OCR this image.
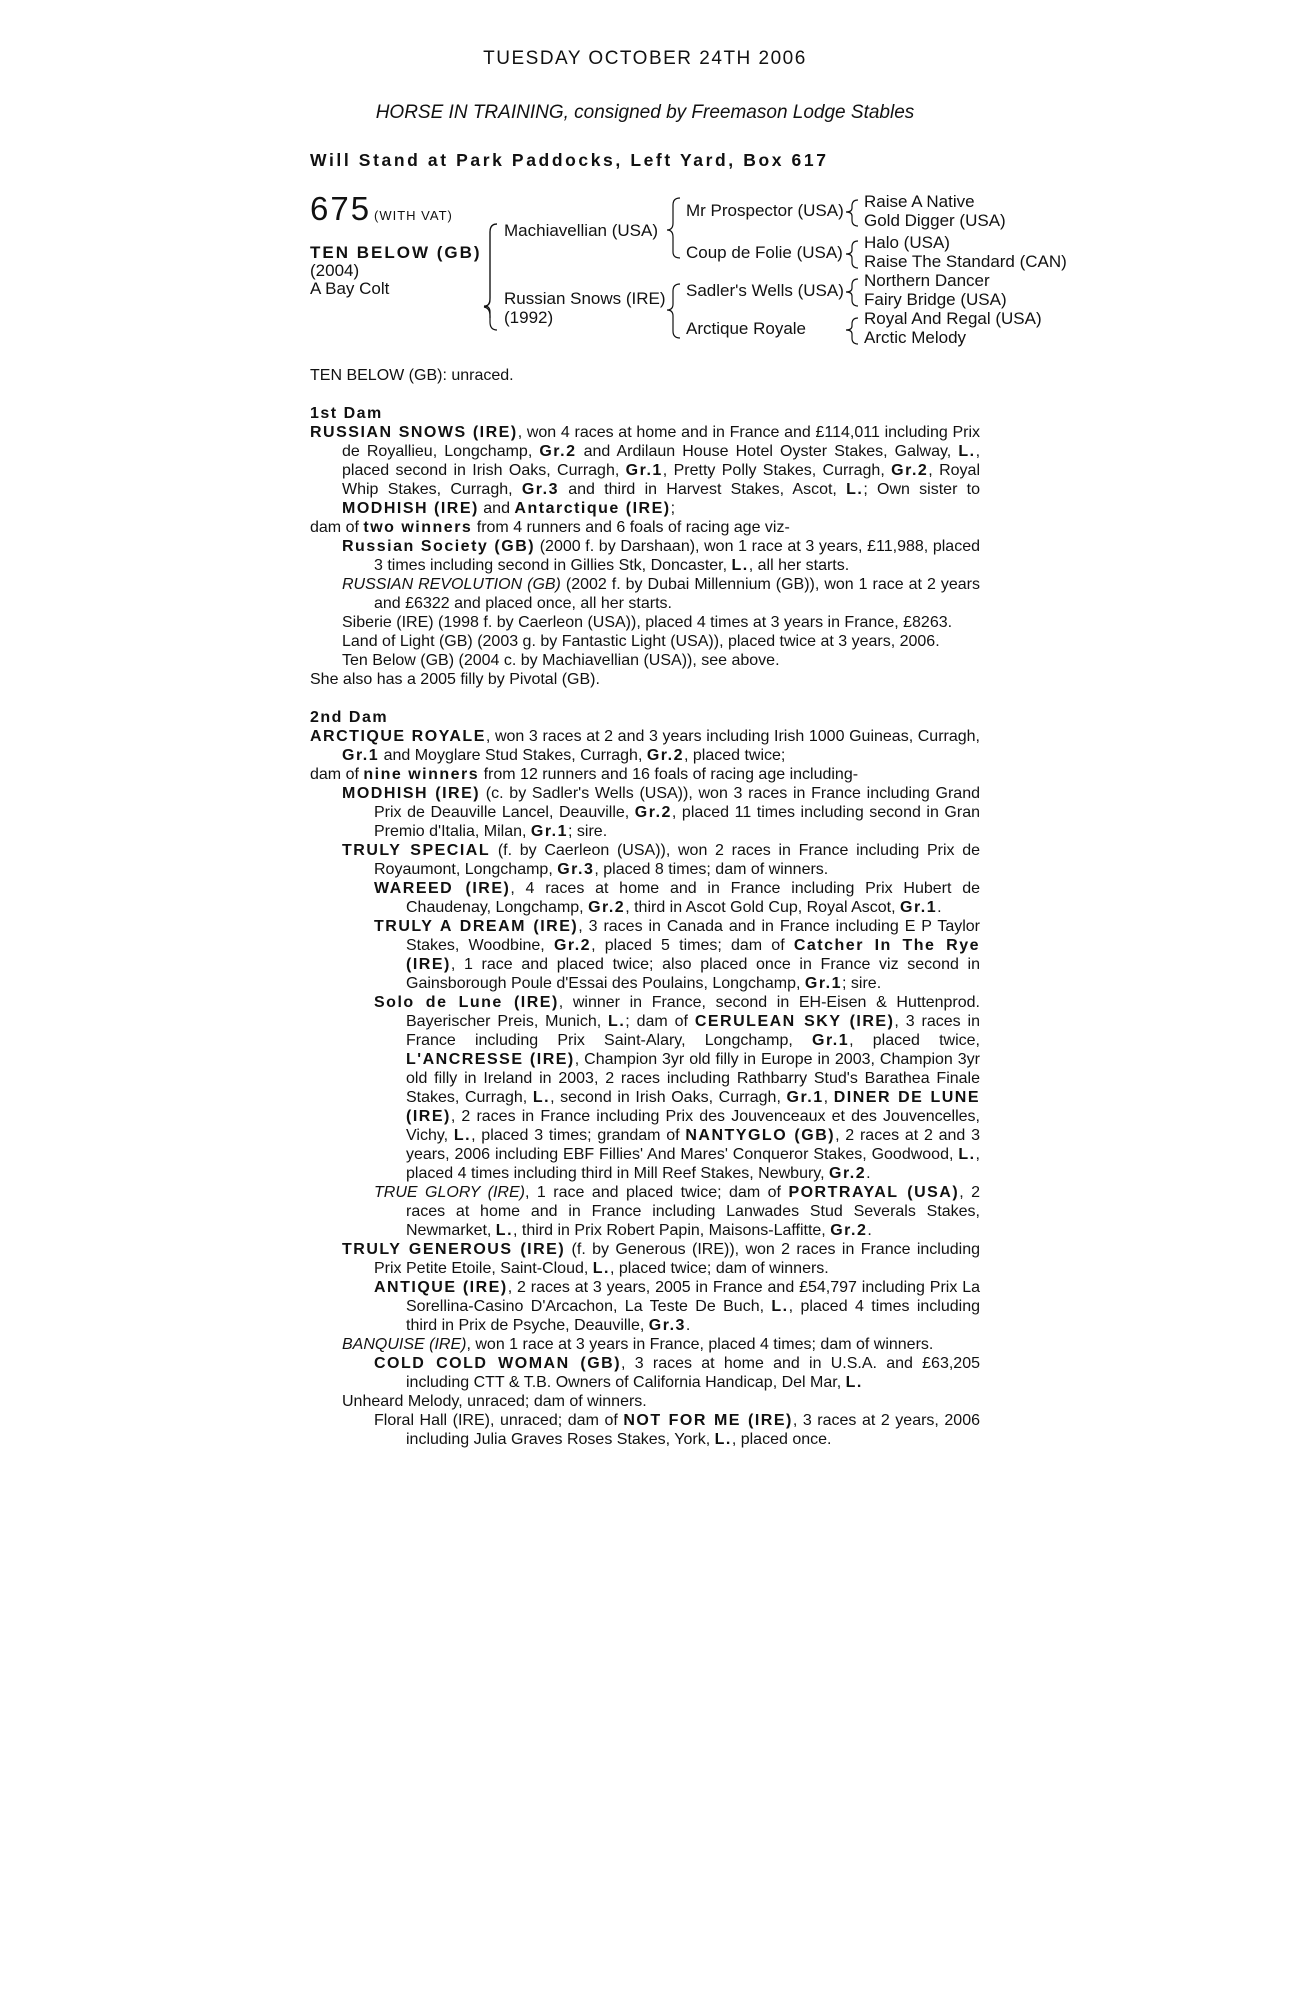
TUESDAY OCTOBER 24TH 2006
HORSE IN TRAINING, consigned by Freemason Lodge Stables
Will Stand at Park Paddocks, Left Yard, Box 617
675 (WITH VAT)
TEN BELOW (GB)
(2004)
A Bay Colt
Machiavellian (USA)
Russian Snows (IRE)
(1992)
Mr Prospector (USA)
Coup de Folie (USA)
Sadler's Wells (USA)
Arctique Royale
Raise A Native
Gold Digger (USA)
Halo (USA)
Raise The Standard (CAN)
Northern Dancer
Fairy Bridge (USA)
Royal And Regal (USA)
Arctic Melody

TEN BELOW (GB): unraced.

1st Dam

RUSSIAN SNOWS (IRE), won 4 races at home and in France and £114,011 including Prix de Royallieu, Longchamp, Gr.2 and Ardilaun House Hotel Oyster Stakes, Galway, L., placed second in Irish Oaks, Curragh, Gr.1, Pretty Polly Stakes, Curragh, Gr.2, Royal Whip Stakes, Curragh, Gr.3 and third in Harvest Stakes, Ascot, L.; Own sister to MODHISH (IRE) and Antarctique (IRE);

dam of two winners from 4 runners and 6 foals of racing age viz-

Russian Society (GB) (2000 f. by Darshaan), won 1 race at 3 years, £11,988, placed 3 times including second in Gillies Stk, Doncaster, L., all her starts.

RUSSIAN REVOLUTION (GB) (2002 f. by Dubai Millennium (GB)), won 1 race at 2 years and £6322 and placed once, all her starts.

Siberie (IRE) (1998 f. by Caerleon (USA)), placed 4 times at 3 years in France, £8263.

Land of Light (GB) (2003 g. by Fantastic Light (USA)), placed twice at 3 years, 2006.

Ten Below (GB) (2004 c. by Machiavellian (USA)), see above.

She also has a 2005 filly by Pivotal (GB).

2nd Dam

ARCTIQUE ROYALE, won 3 races at 2 and 3 years including Irish 1000 Guineas, Curragh, Gr.1 and Moyglare Stud Stakes, Curragh, Gr.2, placed twice;

dam of nine winners from 12 runners and 16 foals of racing age including-

MODHISH (IRE) (c. by Sadler's Wells (USA)), won 3 races in France including Grand Prix de Deauville Lancel, Deauville, Gr.2, placed 11 times including second in Gran Premio d'Italia, Milan, Gr.1; sire.

TRULY SPECIAL (f. by Caerleon (USA)), won 2 races in France including Prix de Royaumont, Longchamp, Gr.3, placed 8 times; dam of winners.

WAREED (IRE), 4 races at home and in France including Prix Hubert de Chaudenay, Longchamp, Gr.2, third in Ascot Gold Cup, Royal Ascot, Gr.1.

TRULY A DREAM (IRE), 3 races in Canada and in France including E P Taylor Stakes, Woodbine, Gr.2, placed 5 times; dam of Catcher In The Rye (IRE), 1 race and placed twice; also placed once in France viz second in Gainsborough Poule d'Essai des Poulains, Longchamp, Gr.1; sire.

Solo de Lune (IRE), winner in France, second in EH-Eisen & Huttenprod. Bayerischer Preis, Munich, L.; dam of CERULEAN SKY (IRE), 3 races in France including Prix Saint-Alary, Longchamp, Gr.1, placed twice, L'ANCRESSE (IRE), Champion 3yr old filly in Europe in 2003, Champion 3yr old filly in Ireland in 2003, 2 races including Rathbarry Stud's Barathea Finale Stakes, Curragh, L., second in Irish Oaks, Curragh, Gr.1, DINER DE LUNE (IRE), 2 races in France including Prix des Jouvenceaux et des Jouvencelles, Vichy, L., placed 3 times; grandam of NANTYGLO (GB), 2 races at 2 and 3 years, 2006 including EBF Fillies' And Mares' Conqueror Stakes, Goodwood, L., placed 4 times including third in Mill Reef Stakes, Newbury, Gr.2.

TRUE GLORY (IRE), 1 race and placed twice; dam of PORTRAYAL (USA), 2 races at home and in France including Lanwades Stud Severals Stakes, Newmarket, L., third in Prix Robert Papin, Maisons-Laffitte, Gr.2.

TRULY GENEROUS (IRE) (f. by Generous (IRE)), won 2 races in France including Prix Petite Etoile, Saint-Cloud, L., placed twice; dam of winners.

ANTIQUE (IRE), 2 races at 3 years, 2005 in France and £54,797 including Prix La Sorellina-Casino D'Arcachon, La Teste De Buch, L., placed 4 times including third in Prix de Psyche, Deauville, Gr.3.

BANQUISE (IRE), won 1 race at 3 years in France, placed 4 times; dam of winners.

COLD COLD WOMAN (GB), 3 races at home and in U.S.A. and £63,205 including CTT & T.B. Owners of California Handicap, Del Mar, L.

Unheard Melody, unraced; dam of winners.

Floral Hall (IRE), unraced; dam of NOT FOR ME (IRE), 3 races at 2 years, 2006 including Julia Graves Roses Stakes, York, L., placed once.
